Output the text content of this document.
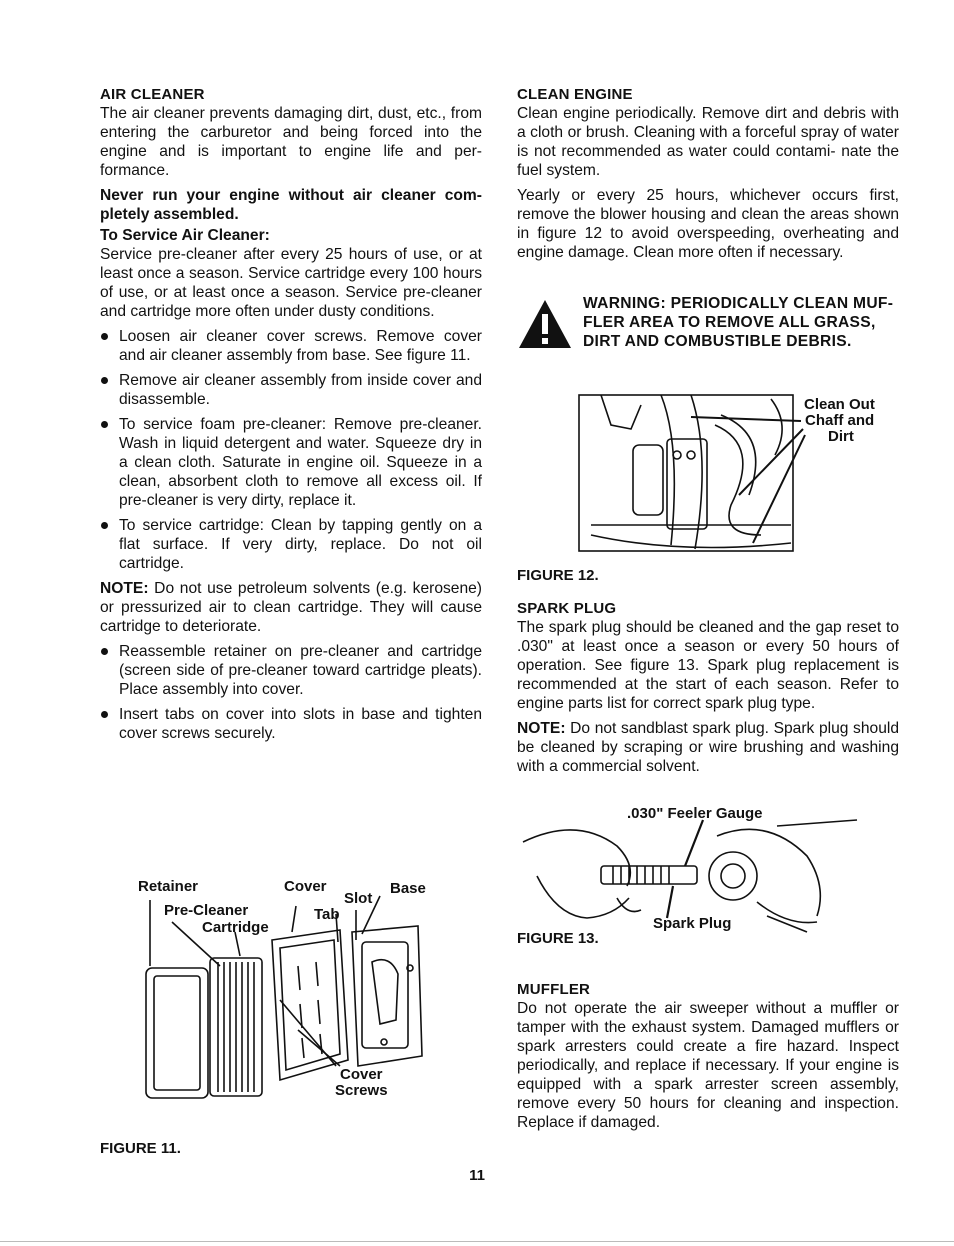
AIR CLEANER

The air cleaner prevents damaging dirt, dust, etc., from entering the carburetor and being forced into the engine and is important to engine life and per- formance.

Never run your engine without air cleaner com- pletely assembled.

To Service Air Cleaner:

Service pre-cleaner after every 25 hours of use, or at least once a season. Service cartridge every 100 hours of use, or at least once a season. Service pre-cleaner and cartridge more often under dusty conditions.

Loosen air cleaner cover screws. Remove cover and air cleaner assembly from base. See figure 11.
Remove air cleaner assembly from inside cover and disassemble.
To service foam pre-cleaner: Remove pre-cleaner. Wash in liquid detergent and water. Squeeze dry in a clean cloth. Saturate in engine oil. Squeeze in a clean, absorbent cloth to remove all excess oil. If pre-cleaner is very dirty, replace it.
To service cartridge: Clean by tapping gently on a flat surface. If very dirty, replace. Do not oil cartridge.

NOTE: Do not use petroleum solvents (e.g. kerosene) or pressurized air to clean cartridge. They will cause cartridge to deteriorate.

Reassemble retainer on pre-cleaner and cartridge (screen side of pre-cleaner toward cartridge pleats). Place assembly into cover.
Insert tabs on cover into slots in base and tighten cover screws securely.
Retainer
Pre-Cleaner
Cartridge
Cover
Slot
Base
Tab
Cover
Screws
FIGURE 11.
CLEAN ENGINE

Clean engine periodically. Remove dirt and debris with a cloth or brush. Cleaning with a forceful spray of water is not recommended as water could contami- nate the fuel system.

Yearly or every 25 hours, whichever occurs first, remove the blower housing and clean the areas shown in figure 12 to avoid overspeeding, overheating and engine damage. Clean more often if necessary.

WARNING: PERIODICALLY CLEAN MUF- FLER AREA TO REMOVE ALL GRASS, DIRT AND COMBUSTIBLE DEBRIS.
Clean Out
Chaff and
Dirt
FIGURE 12.
SPARK PLUG

The spark plug should be cleaned and the gap reset to .030" at least once a season or every 50 hours of operation. See figure 13. Spark plug replacement is recommended at the start of each season. Refer to engine parts list for correct spark plug type.

NOTE: Do not sandblast spark plug. Spark plug should be cleaned by scraping or wire brushing and washing with a commercial solvent.

.030" Feeler Gauge
Spark Plug
FIGURE 13.
MUFFLER

Do not operate the air sweeper without a muffler or tamper with the exhaust system. Damaged mufflers or spark arresters could create a fire hazard. Inspect periodically, and replace if necessary. If your engine is equipped with a spark arrester screen assembly, remove every 50 hours for cleaning and inspection. Replace if damaged.

11
